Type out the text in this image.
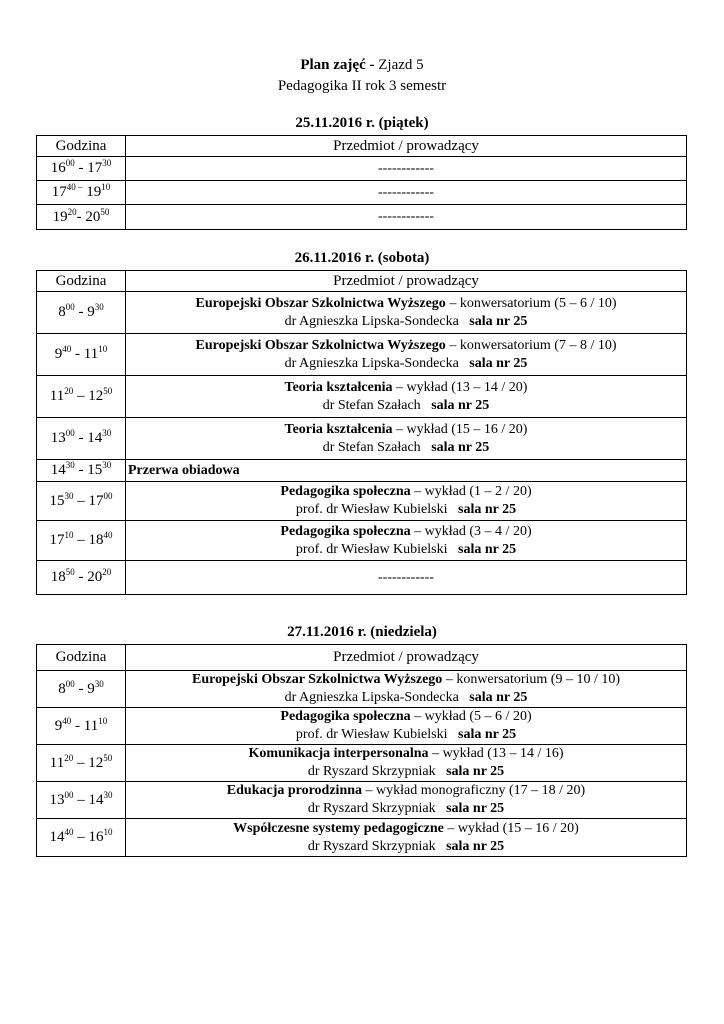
Plan zajęć - Zjazd 5
Pedagogika II rok 3 semestr
25.11.2016 r. (piątek)
Godzina	Przedmiot / prowadzący
$16^{00} - 17^{30}$	------------
$17^{40 -}$ $19^{10}$	------------
$19^{20}-$ $20^{50}$	------------
26.11.2016 r. (sobota)
Godzina	Przedmiot / prowadzący
$8^{00} - 9^{30}$	Europejski Obszar Szkolnictwa Wyższego – konwersatorium (5 – 6 / 10)
dr Agnieszka Lipska-Sondecka sala nr 25
$9^{40} - 11^{10}$	Europejski Obszar Szkolnictwa Wyższego – konwersatorium (7 – 8 / 10)
dr Agnieszka Lipska-Sondecka sala nr 25
$11^{20} - 12^{50}$	Teoria kształcenia – wykład (13 – 14 / 20)
dr Stefan Szałach sala nr 25
$13^{00} - 14^{30}$	Teoria kształcenia – wykład (15 – 16 / 20)
dr Stefan Szałach sala nr 25
$14^{30} - 15^{30}$	Przerwa obiadowa
$15^{30} - 17^{00}$	Pedagogika społeczna – wykład (1 – 2 / 20)
prof. dr Wiesław Kubielski sala nr 25
$17^{10} - 18^{40}$	Pedagogika społeczna – wykład (3 – 4 / 20)
prof. dr Wiesław Kubielski sala nr 25
$18^{50} - 20^{20}$	------------
27.11.2016 r. (niedziela)
Godzina	Przedmiot / prowadzący
$8^{00} - 9^{30}$	Europejski Obszar Szkolnictwa Wyższego – konwersatorium (9 – 10 / 10)
dr Agnieszka Lipska-Sondecka sala nr 25
$9^{40} - 11^{10}$	Pedagogika społeczna – wykład (5 – 6 / 20)
prof. dr Wiesław Kubielski sala nr 25
$11^{20} - 12^{50}$	Komunikacja interpersonalna – wykład (13 – 14 / 16)
dr Ryszard Skrzypniak sala nr 25
$13^{00} - 14^{30}$	Edukacja prorodzinna – wykład monograficzny (17 – 18 / 20)
dr Ryszard Skrzypniak sala nr 25
$14^{40} - 16^{10}$	Współczesne systemy pedagogiczne – wykład (15 – 16 / 20)
dr Ryszard Skrzypniak sala nr 25
